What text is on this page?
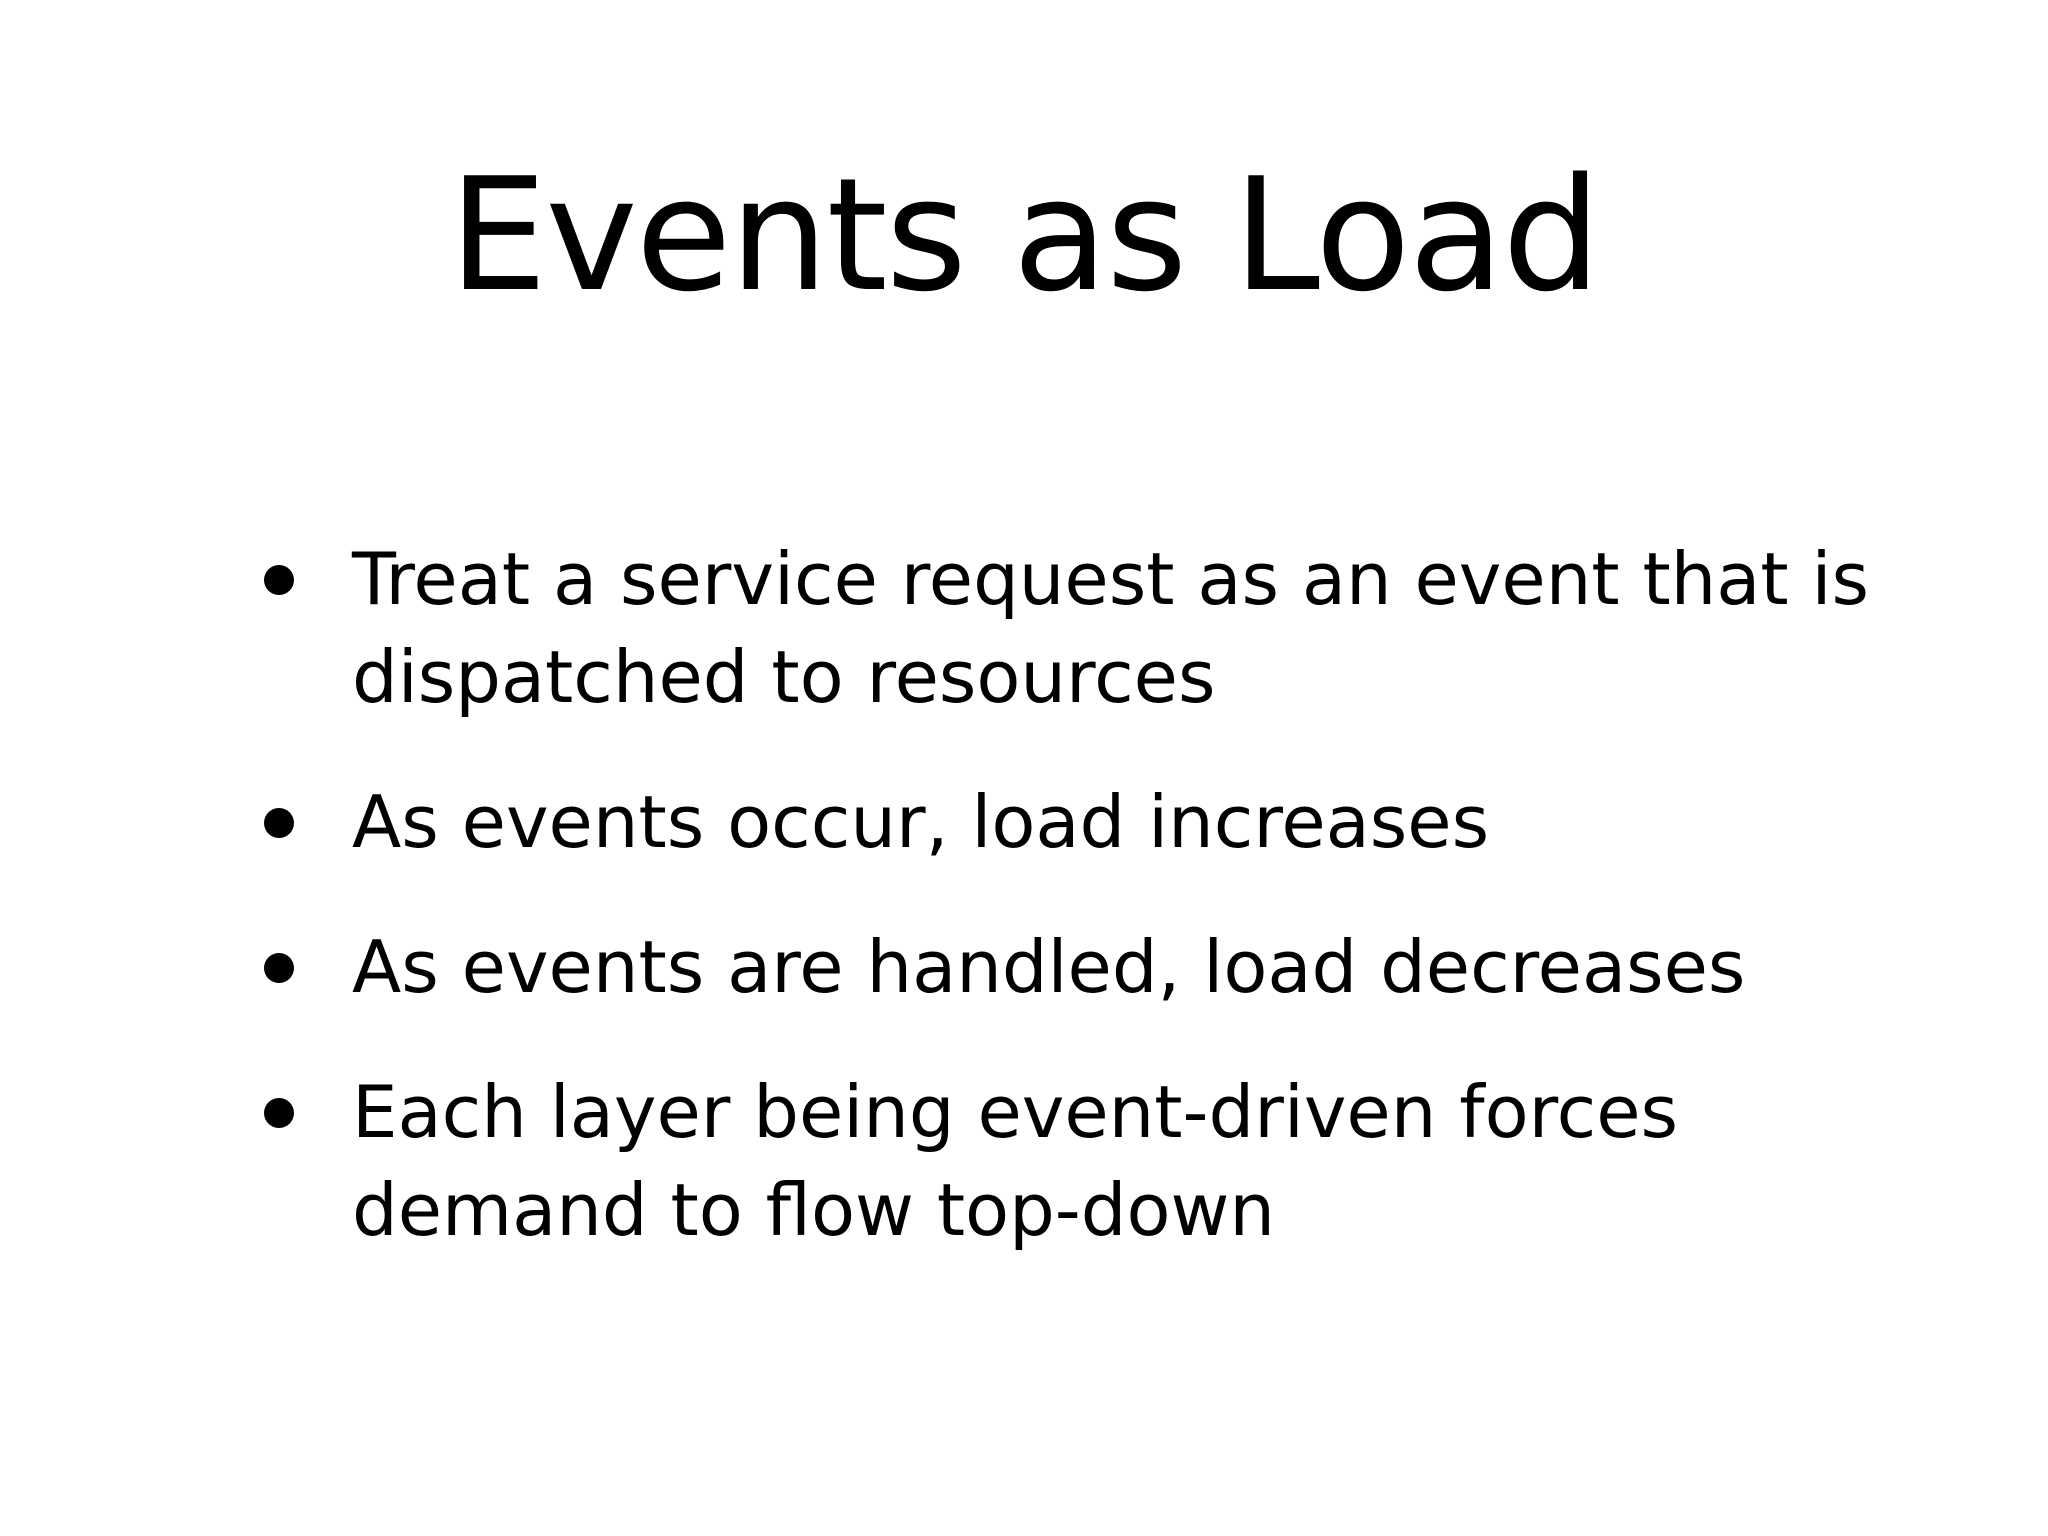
Events as Load
Treat a service request as an event that is dispatched to resources
As events occur, load increases
As events are handled, load decreases
Each layer being event-driven forces demand to flow top-down
